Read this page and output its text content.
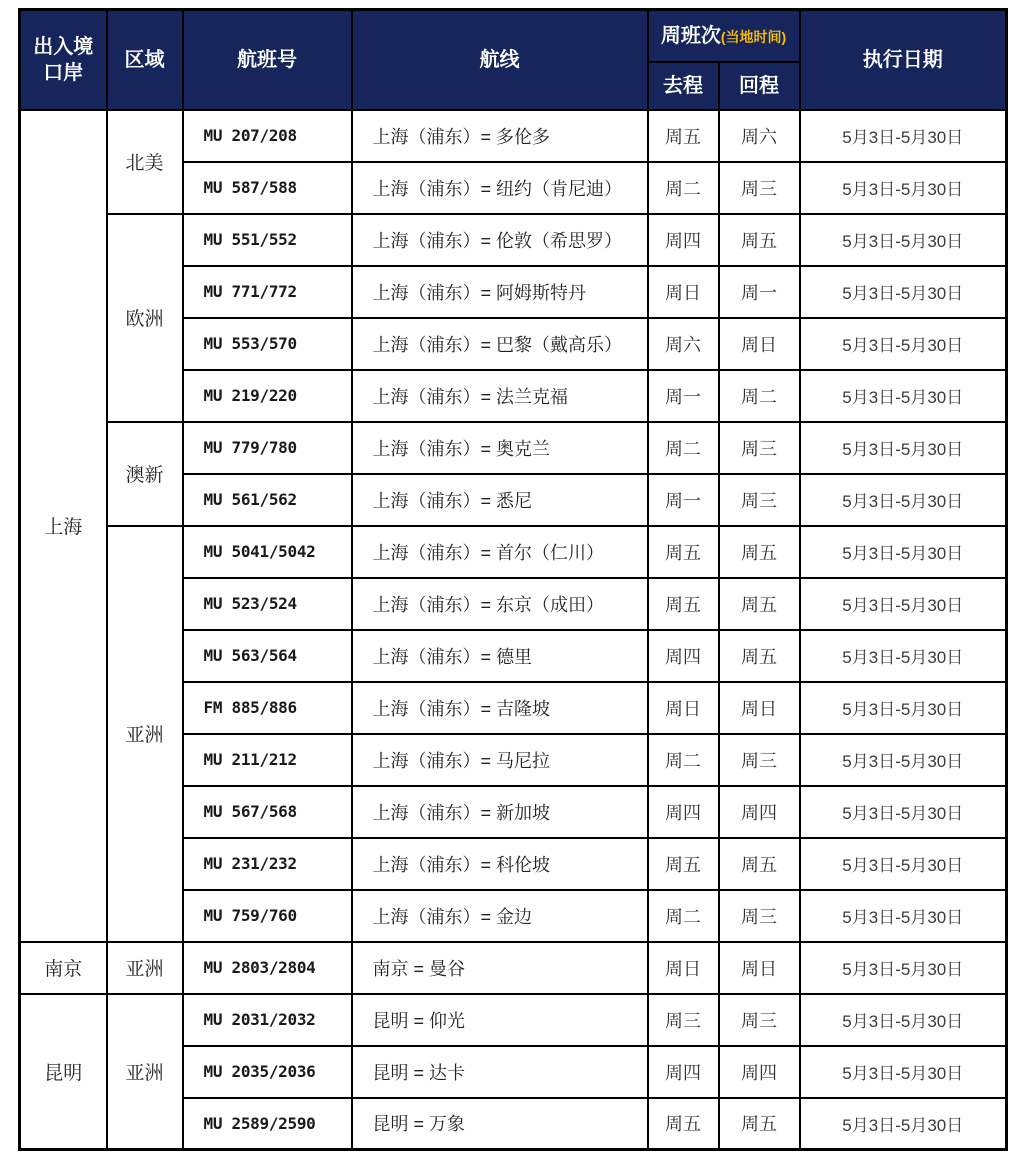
出入境口岸	区域	航班号	航线	周班次(当地时间)		执行日期
				去程	回程	
上海	北美	MU 207/208	上海（浦东）= 多伦多	周五	周六	5月3日-5月30日
		MU 587/588	上海（浦东）= 纽约（肯尼迪）	周二	周三	5月3日-5月30日
	欧洲	MU 551/552	上海（浦东）= 伦敦（希思罗）	周四	周五	5月3日-5月30日
		MU 771/772	上海（浦东）= 阿姆斯特丹	周日	周一	5月3日-5月30日
		MU 553/570	上海（浦东）= 巴黎（戴高乐）	周六	周日	5月3日-5月30日
		MU 219/220	上海（浦东）= 法兰克福	周一	周二	5月3日-5月30日
	澳新	MU 779/780	上海（浦东）= 奥克兰	周二	周三	5月3日-5月30日
		MU 561/562	上海（浦东）= 悉尼	周一	周三	5月3日-5月30日
	亚洲	MU 5041/5042	上海（浦东）= 首尔（仁川）	周五	周五	5月3日-5月30日
		MU 523/524	上海（浦东）= 东京（成田）	周五	周五	5月3日-5月30日
		MU 563/564	上海（浦东）= 德里	周四	周五	5月3日-5月30日
		FM 885/886	上海（浦东）= 吉隆坡	周日	周日	5月3日-5月30日
		MU 211/212	上海（浦东）= 马尼拉	周二	周三	5月3日-5月30日
		MU 567/568	上海（浦东）= 新加坡	周四	周四	5月3日-5月30日
		MU 231/232	上海（浦东）= 科伦坡	周五	周五	5月3日-5月30日
		MU 759/760	上海（浦东）= 金边	周二	周三	5月3日-5月30日
南京	亚洲	MU 2803/2804	南京 = 曼谷	周日	周日	5月3日-5月30日
昆明	亚洲	MU 2031/2032	昆明 = 仰光	周三	周三	5月3日-5月30日
		MU 2035/2036	昆明 = 达卡	周四	周四	5月3日-5月30日
		MU 2589/2590	昆明 = 万象	周五	周五	5月3日-5月30日
